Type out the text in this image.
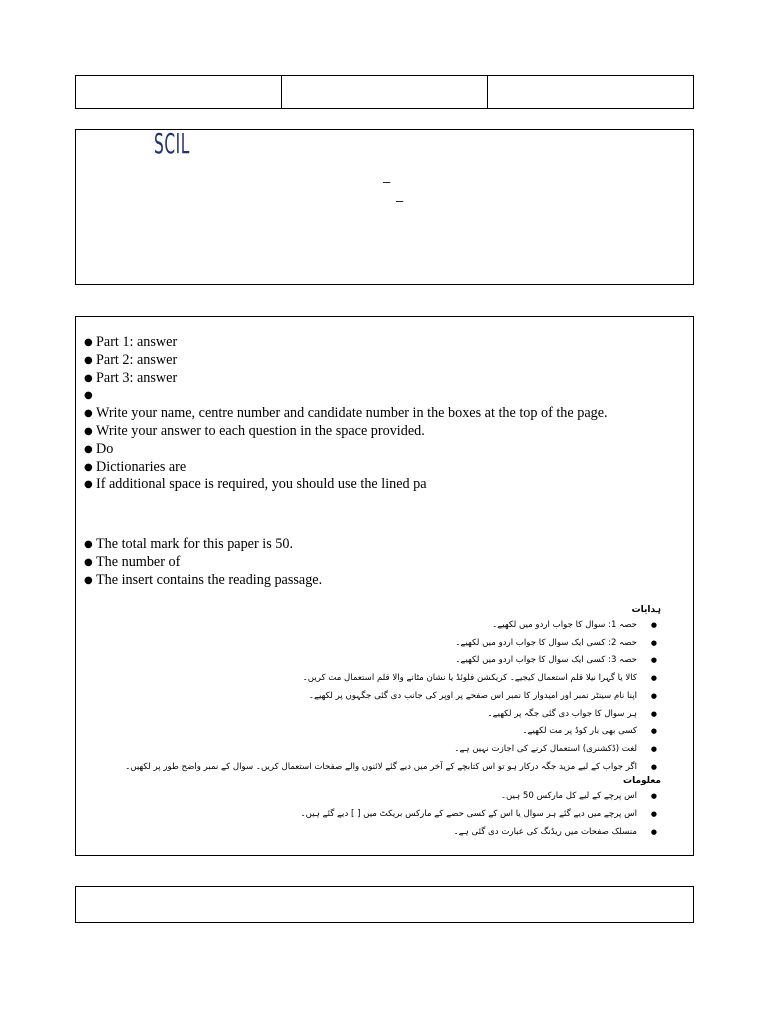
SCIL
–
–
● Part 1: answer
● Part 2: answer
● Part 3: answer
●
● Write your name, centre number and candidate number in the boxes at the top of the page.
● Write your answer to each question in the space provided.
● Do
● Dictionaries are
● If additional space is required, you should use the lined pa
● The total mark for this paper is 50.
● The number of
● The insert contains the reading passage.
ہدایات
● حصہ 1: سوال کا جواب اردو میں لکھیے۔
● حصہ 2: کسی ایک سوال کا جواب اردو میں لکھیے۔
● حصہ 3: کسی ایک سوال کا جواب اردو میں لکھیے۔
● کالا یا گہرا نیلا قلم استعمال کیجیے۔ کریکشن فلوئڈ یا نشان مٹانے والا قلم استعمال مت کریں۔
● اپنا نام سینٹر نمبر اور امیدوار کا نمبر اس صفحے پر اوپر کی جانب دی گئی جگہوں پر لکھیے۔
● ہر سوال کا جواب دی گئی جگہ پر لکھیے۔
● کسی بھی بار کوڈ پر مت لکھیے۔
● لغت (ڈکشنری) استعمال کرنے کی اجازت نہیں ہے۔
● اگر جواب کے لیے مزید جگہ درکار ہو تو اس کتابچے کے آخر میں دیے گئے لائنوں والے صفحات استعمال کریں۔ سوال کے نمبر واضح طور پر لکھیں۔
معلومات
● اس پرچے کے لیے کل مارکس 50 ہیں۔
● اس پرچے میں دیے گئے ہر سوال یا اس کے کسی حصے کے مارکس بریکٹ میں [ ] دیے گئے ہیں۔
● منسلک صفحات میں ریڈنگ کی عبارت دی گئی ہے۔
